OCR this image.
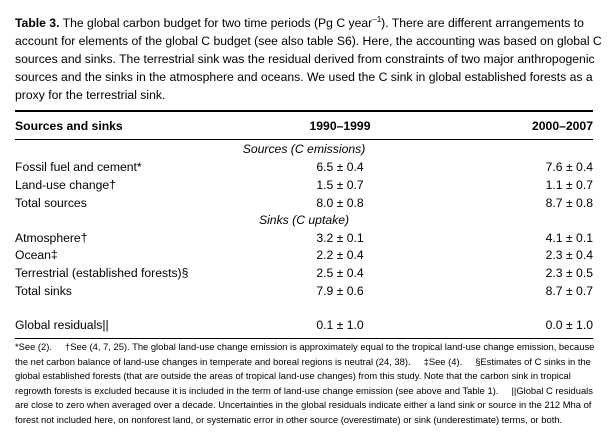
Table 3. The global carbon budget for two time periods (Pg C year$^{-1}$). There are different arrangements to account for elements of the global C budget (see also table S6). Here, the accounting was based on global C sources and sinks. The terrestrial sink was the residual derived from constraints of two major anthropogenic sources and the sinks in the atmosphere and oceans. We used the C sink in global established forests as a proxy for the terrestrial sink.
Sources and sinks	1990–1999	2000–2007
Sources (C emissions)
Fossil fuel and cement*	6.5 ± 0.4	7.6 ± 0.4
Land-use change†	1.5 ± 0.7	1.1 ± 0.7
Total sources	8.0 ± 0.8	8.7 ± 0.8
Sinks (C uptake)
Atmosphere†	3.2 ± 0.1	4.1 ± 0.1
Ocean‡	2.2 ± 0.4	2.3 ± 0.4
Terrestrial (established forests)§	2.5 ± 0.4	2.3 ± 0.5
Total sinks	7.9 ± 0.6	8.7 ± 0.7
Global residuals||	0.1 ± 1.0	0.0 ± 1.0
*See (2). †See (4, 7, 25). The global land-use change emission is approximately equal to the tropical land-use change emission, because the net carbon balance of land-use changes in temperate and boreal regions is neutral (24, 38). ‡See (4). §Estimates of C sinks in the global established forests (that are outside the areas of tropical land-use changes) from this study. Note that the carbon sink in tropical regrowth forests is excluded because it is included in the term of land-use change emission (see above and Table 1). ||Global C residuals are close to zero when averaged over a decade. Uncertainties in the global residuals indicate either a land sink or source in the 212 Mha of forest not included here, on nonforest land, or systematic error in other source (overestimate) or sink (underestimate) terms, or both.
